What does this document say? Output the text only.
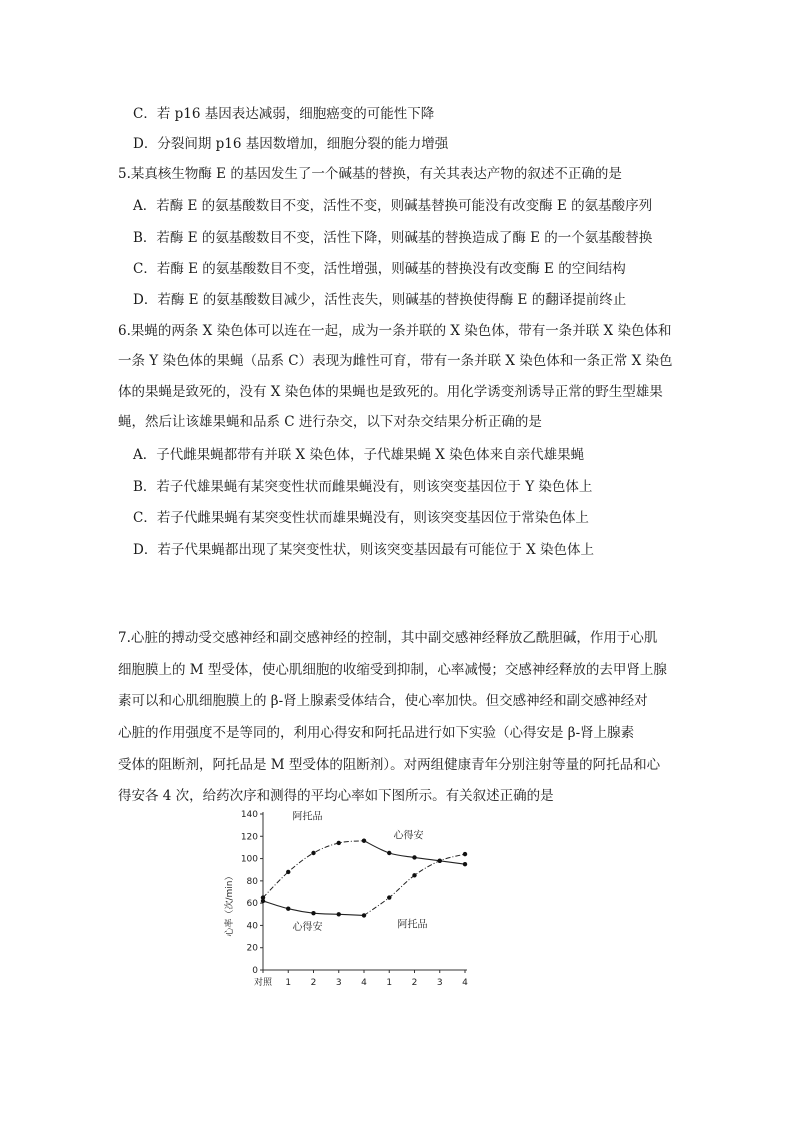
C．若 p16 基因表达减弱，细胞癌变的可能性下降
D．分裂间期 p16 基因数增加，细胞分裂的能力增强
5.某真核生物酶 E 的基因发生了一个碱基的替换，有关其表达产物的叙述不正确的是
A．若酶 E 的氨基酸数目不变，活性不变，则碱基替换可能没有改变酶 E 的氨基酸序列
B．若酶 E 的氨基酸数目不变，活性下降，则碱基的替换造成了酶 E 的一个氨基酸替换
C．若酶 E 的氨基酸数目不变，活性增强，则碱基的替换没有改变酶 E 的空间结构
D．若酶 E 的氨基酸数目减少，活性丧失，则碱基的替换使得酶 E 的翻译提前终止
6.果蝇的两条 X 染色体可以连在一起，成为一条并联的 X 染色体，带有一条并联 X 染色体和
一条 Y 染色体的果蝇（品系 C）表现为雌性可育，带有一条并联 X 染色体和一条正常 X 染色
体的果蝇是致死的，没有 X 染色体的果蝇也是致死的。用化学诱变剂诱导正常的野生型雄果
蝇，然后让该雄果蝇和品系 C 进行杂交，以下对杂交结果分析正确的是
A．子代雌果蝇都带有并联 X 染色体，子代雄果蝇 X 染色体来自亲代雄果蝇
B．若子代雄果蝇有某突变性状而雌果蝇没有，则该突变基因位于 Y 染色体上
C．若子代雌果蝇有某突变性状而雄果蝇没有，则该突变基因位于常染色体上
D．若子代果蝇都出现了某突变性状，则该突变基因最有可能位于 X 染色体上
7.心脏的搏动受交感神经和副交感神经的控制，其中副交感神经释放乙酰胆碱，作用于心肌
细胞膜上的 M 型受体，使心肌细胞的收缩受到抑制，心率减慢；交感神经释放的去甲肾上腺
素可以和心肌细胞膜上的 β-肾上腺素受体结合，使心率加快。但交感神经和副交感神经对
心脏的作用强度不是等同的，利用心得安和阿托品进行如下实验（心得安是 β-肾上腺素
受体的阻断剂，阿托品是 M 型受体的阻断剂）。对两组健康青年分别注射等量的阿托品和心
得安各 4 次，给药次序和测得的平均心率如下图所示。有关叙述正确的是
0
20
40
60
80
100
120
140
对照 1 2 3 4 1 2 3 4
心率（次/min）
阿托品
心得安
心得安	阿托品
